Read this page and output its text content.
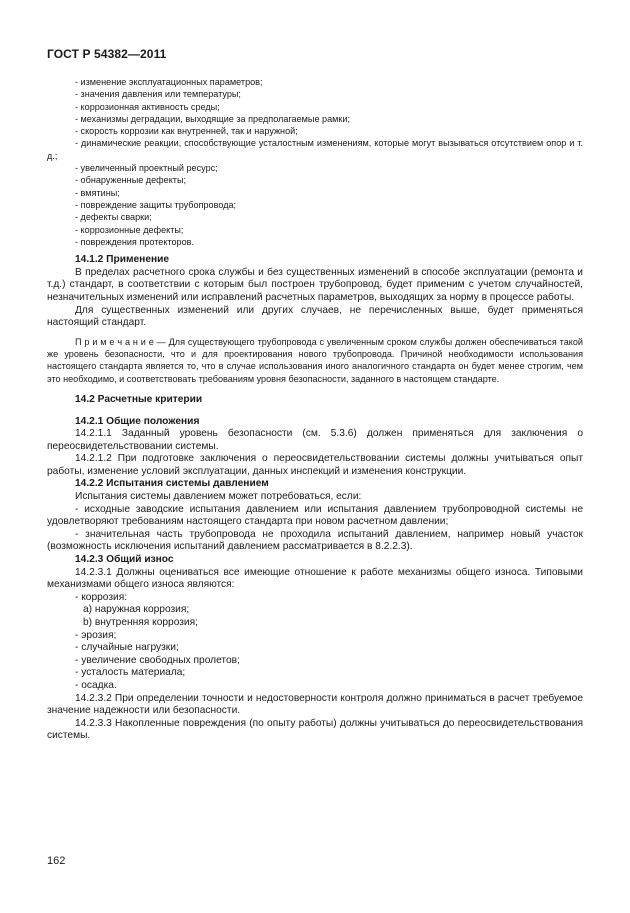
ГОСТ Р 54382—2011

- изменение эксплуатационных параметров;

- значения давления или температуры;

- коррозионная активность среды;

- механизмы деградации, выходящие за предполагаемые рамки;

- скорость коррозии как внутренней, так и наружной;

- динамические реакции, способствующие усталостным изменениям, которые могут вызываться отсутствием опор и т. д.;

- увеличенный проектный ресурс;

- обнаруженные дефекты;

- вмятины;

- повреждение защиты трубопровода;

- дефекты сварки;

- коррозионные дефекты;

- повреждения протекторов.

14.1.2 Применение

В пределах расчетного срока службы и без существенных изменений в способе эксплуатации (ремонта и т.д.) стандарт, в соответствии с которым был построен трубопровод, будет применим с учетом случайностей, незначительных изменений или исправлений расчетных параметров, выходящих за норму в процессе работы.

Для существенных изменений или других случаев, не перечисленных выше, будет применяться настоящий стандарт.

П р и м е ч а н и е — Для существующего трубопровода с увеличенным сроком службы должен обеспечиваться такой же уровень безопасности, что и для проектирования нового трубопровода. Причиной необходимости использования настоящего стандарта является то, что в случае использования иного аналогичного стандарта он будет менее строгим, чем это необходимо, и соответствовать требованиям уровня безопасности, заданного в настоящем стандарте.

14.2 Расчетные критерии

14.2.1 Общие положения

14.2.1.1 Заданный уровень безопасности (см. 5.3.6) должен применяться для заключения о переосвидетельствовании системы.

14.2.1.2 При подготовке заключения о переосвидетельствовании системы должны учитываться опыт работы, изменение условий эксплуатации, данных инспекций и изменения конструкции.

14.2.2 Испытания системы давлением

Испытания системы давлением может потребоваться, если:

- исходные заводские испытания давлением или испытания давлением трубопроводной системы не удовлетворяют требованиям настоящего стандарта при новом расчетном давлении;

- значительная часть трубопровода не проходила испытаний давлением, например новый участок (возможность исключения испытаний давлением рассматривается в 8.2.2.3).

14.2.3 Общий износ

14.2.3.1 Должны оцениваться все имеющие отношение к работе механизмы общего износа. Типовыми механизмами общего износа являются:

- коррозия:

а) наружная коррозия;

b) внутренняя коррозия;

- эрозия;

- случайные нагрузки;

- увеличение свободных пролетов;

- усталость материала;

- осадка.

14.2.3.2 При определении точности и недостоверности контроля должно приниматься в расчет требуемое значение надежности или безопасности.

14.2.3.3 Накопленные повреждения (по опыту работы) должны учитываться до переосвидетельствования системы.

162
